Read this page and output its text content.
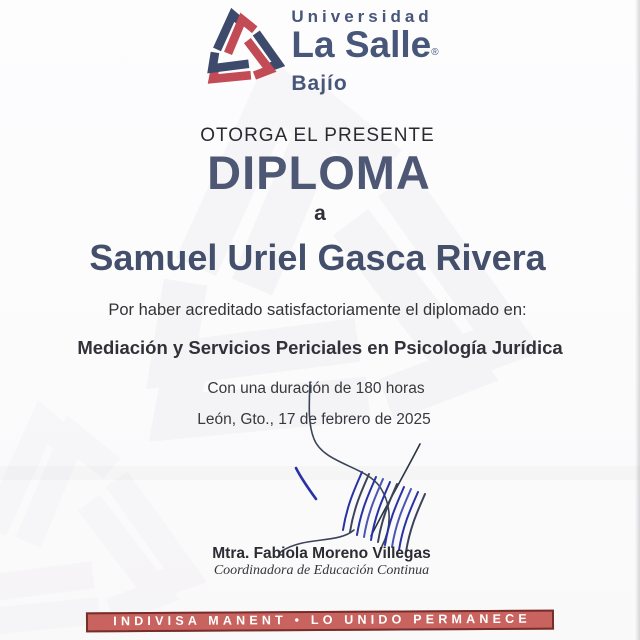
Universidad
La Salle®
Bajío
OTORGA EL PRESENTE
DIPLOMA
a
Samuel Uriel Gasca Rivera
Por haber acreditado satisfactoriamente el diplomado en:
Mediación y Servicios Periciales en Psicología Jurídica
Con una duración de 180 horas
León, Gto., 17 de febrero de 2025
Mtra. Fabiola Moreno Villegas
Coordinadora de Educación Continua
INDIVISA MANENT • LO UNIDO PERMANECE
